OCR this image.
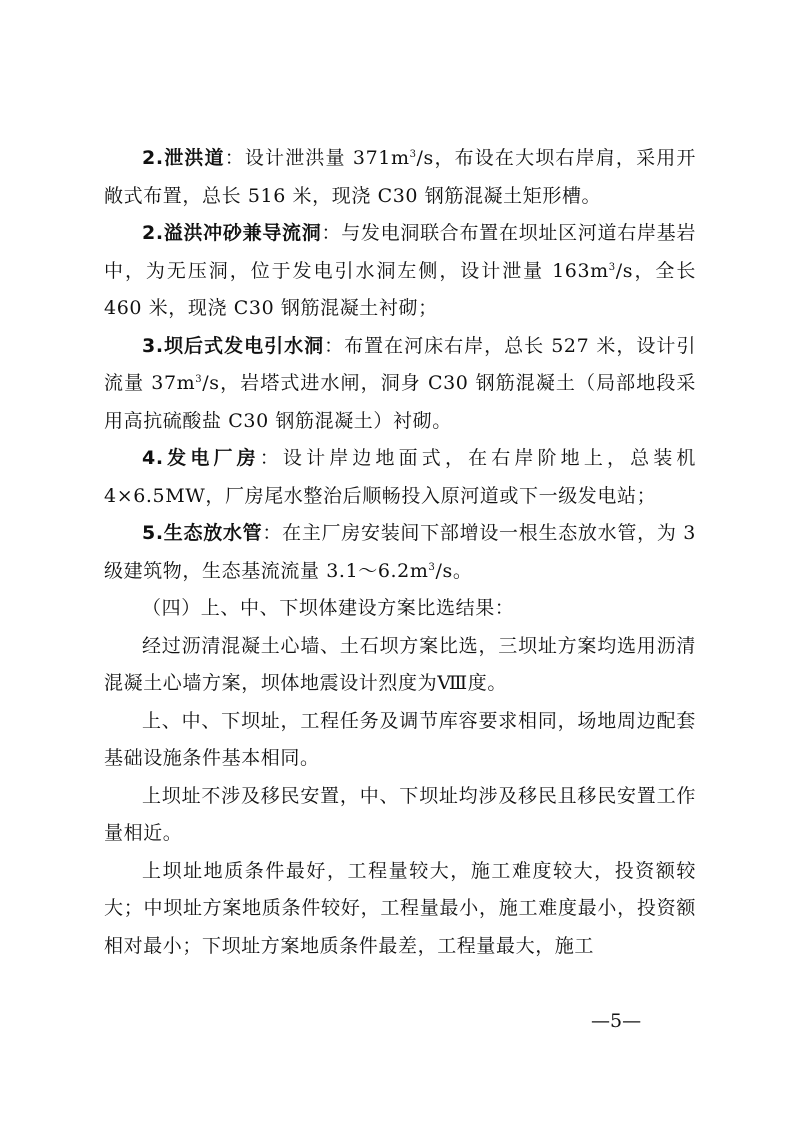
2.泄洪道：设计泄洪量 $371m^3/s$，布设在大坝右岸肩，采用开敞式布置，总长 516 米，现浇 C30 钢筋混凝土矩形槽。

2.溢洪冲砂兼导流洞：与发电洞联合布置在坝址区河道右岸基岩中，为无压洞，位于发电引水洞左侧，设计泄量 $163m^3/s$，全长 460 米，现浇 C30 钢筋混凝土衬砌；

3.坝后式发电引水洞：布置在河床右岸，总长 527 米，设计引流量 $37m^3/s$，岩塔式进水闸，洞身 C30 钢筋混凝土（局部地段采用高抗硫酸盐 C30 钢筋混凝土）衬砌。

4.发电厂房：设计岸边地面式，在右岸阶地上，总装机 4×6.5MW，厂房尾水整治后顺畅投入原河道或下一级发电站；

5.生态放水管：在主厂房安装间下部增设一根生态放水管，为 3 级建筑物，生态基流流量 $3.1\sim 6.2m^3/s$。

（四）上、中、下坝体建设方案比选结果：

经过沥清混凝土心墙、土石坝方案比选，三坝址方案均选用沥清混凝土心墙方案，坝体地震设计烈度为Ⅷ度。

上、中、下坝址，工程任务及调节库容要求相同，场地周边配套基础设施条件基本相同。

上坝址不涉及移民安置，中、下坝址均涉及移民且移民安置工作量相近。

上坝址地质条件最好，工程量较大，施工难度较大，投资额较大；中坝址方案地质条件较好，工程量最小，施工难度最小，投资额相对最小；下坝址方案地质条件最差，工程量最大，施工

—5—
